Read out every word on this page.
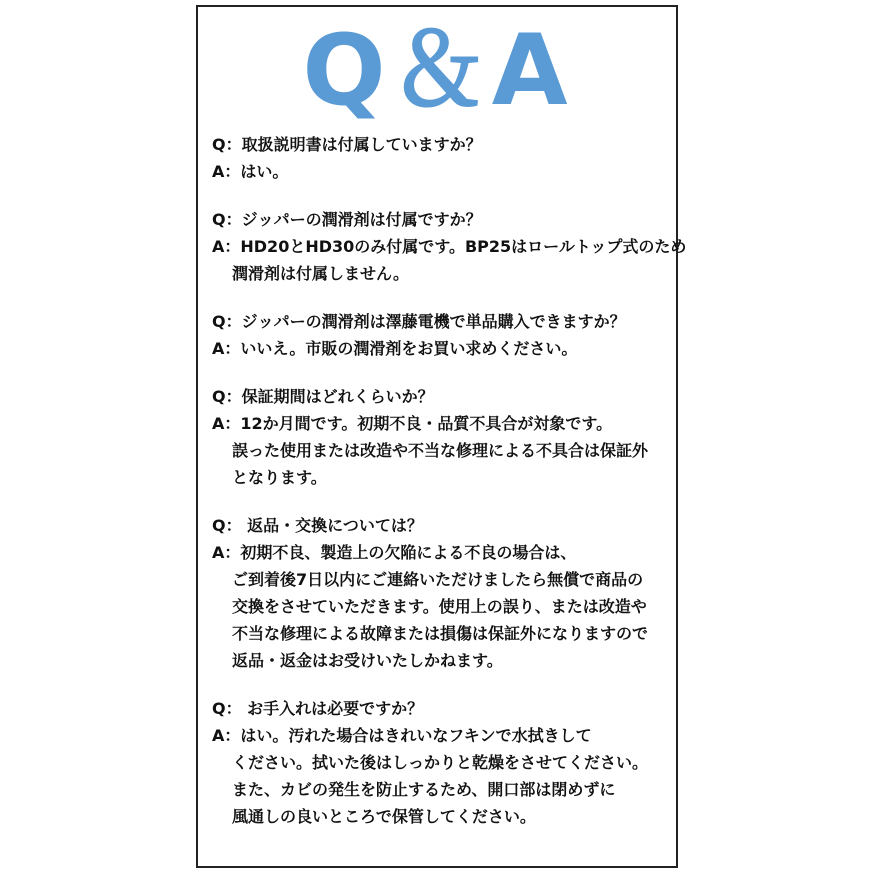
Q＆A
Q：取扱説明書は付属していますか？
A：はい。
Q：ジッパーの潤滑剤は付属ですか？
A：HD20とHD30のみ付属です。BP25はロールトップ式のため
潤滑剤は付属しません。
Q：ジッパーの潤滑剤は澤藤電機で単品購入できますか？
A：いいえ。市販の潤滑剤をお買い求めください。
Q：保証期間はどれくらいか？
A：12か月間です。初期不良・品質不具合が対象です。
誤った使用または改造や不当な修理による不具合は保証外
となります。
Q： 返品・交換については？
A：初期不良、製造上の欠陥による不良の場合は、
ご到着後7日以内にご連絡いただけましたら無償で商品の
交換をさせていただきます。使用上の誤り、または改造や
不当な修理による故障または損傷は保証外になりますので
返品・返金はお受けいたしかねます。
Q： お手入れは必要ですか？
A：はい。汚れた場合はきれいなフキンで水拭きして
ください。拭いた後はしっかりと乾燥をさせてください。
また、カビの発生を防止するため、開口部は閉めずに
風通しの良いところで保管してください。
